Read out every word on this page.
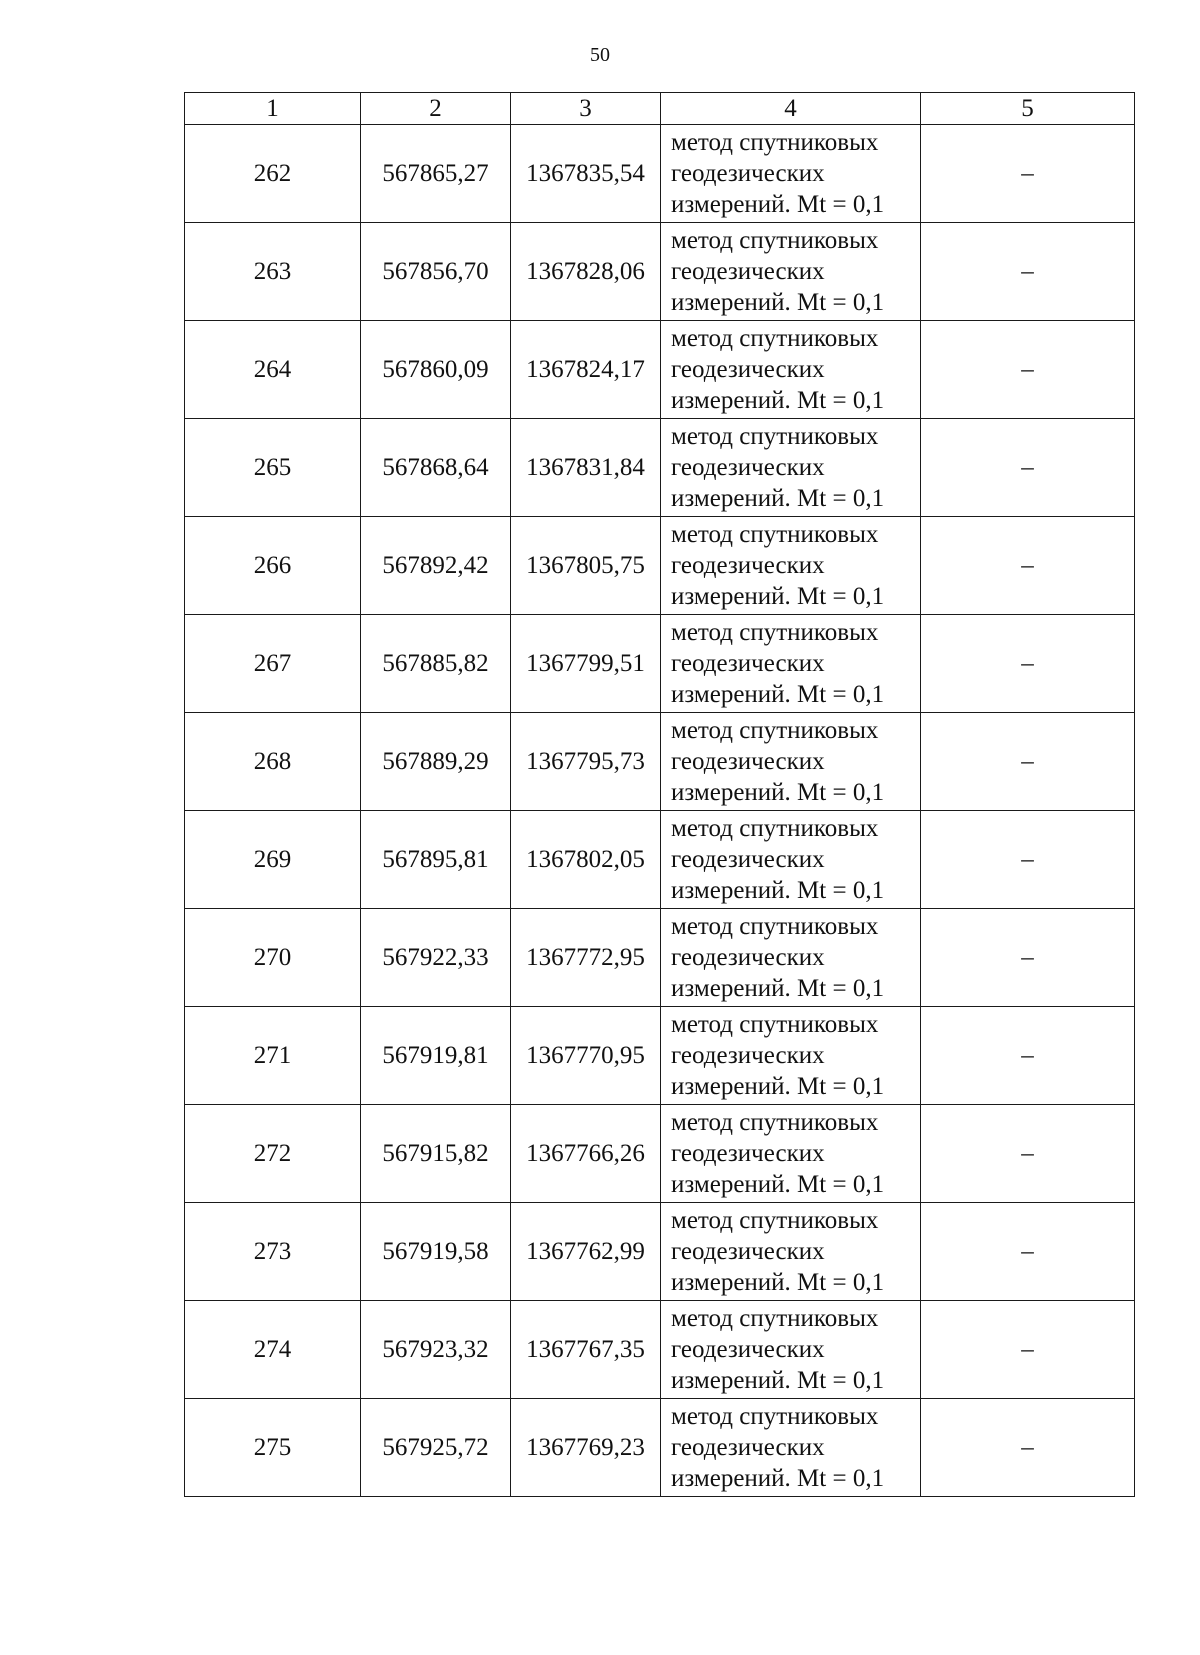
50
1	2	3	4	5
262	567865,27	1367835,54	метод спутниковых
геодезических
измерений. Mt = 0,1	–
263	567856,70	1367828,06	метод спутниковых
геодезических
измерений. Mt = 0,1	–
264	567860,09	1367824,17	метод спутниковых
геодезических
измерений. Mt = 0,1	–
265	567868,64	1367831,84	метод спутниковых
геодезических
измерений. Mt = 0,1	–
266	567892,42	1367805,75	метод спутниковых
геодезических
измерений. Mt = 0,1	–
267	567885,82	1367799,51	метод спутниковых
геодезических
измерений. Mt = 0,1	–
268	567889,29	1367795,73	метод спутниковых
геодезических
измерений. Mt = 0,1	–
269	567895,81	1367802,05	метод спутниковых
геодезических
измерений. Mt = 0,1	–
270	567922,33	1367772,95	метод спутниковых
геодезических
измерений. Mt = 0,1	–
271	567919,81	1367770,95	метод спутниковых
геодезических
измерений. Mt = 0,1	–
272	567915,82	1367766,26	метод спутниковых
геодезических
измерений. Mt = 0,1	–
273	567919,58	1367762,99	метод спутниковых
геодезических
измерений. Mt = 0,1	–
274	567923,32	1367767,35	метод спутниковых
геодезических
измерений. Mt = 0,1	–
275	567925,72	1367769,23	метод спутниковых
геодезических
измерений. Mt = 0,1	–
